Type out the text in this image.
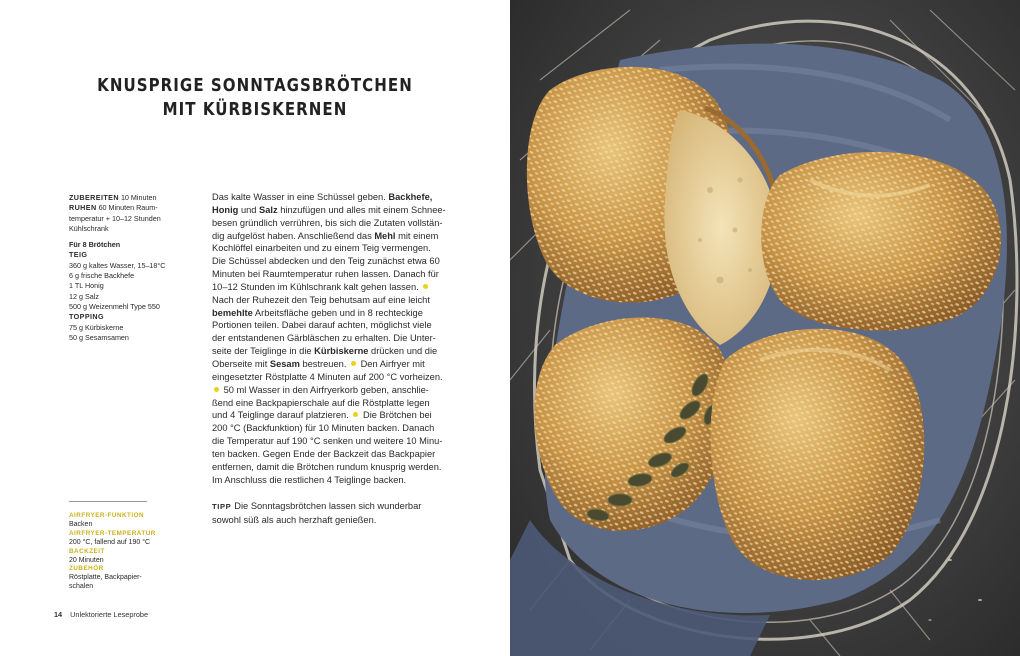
KNUSPRIGE SONNTAGSBRÖTCHEN
MIT KÜRBISKERNEN
ZUBEREITEN 10 Minuten
RUHEN 60 Minuten Raum-
temperatur + 10–12 Stunden
Kühlschrank
Für 8 Brötchen
TEIG
360 g kaltes Wasser, 15–18°C
6 g frische Backhefe
1 TL Honig
12 g Salz
500 g Weizenmehl Type 550
TOPPING
75 g Kürbiskerne
50 g Sesamsamen
Das kalte Wasser in eine Schüssel geben. Backhefe,
Honig und Salz hinzufügen und alles mit einem Schnee-
besen gründlich verrühren, bis sich die Zutaten vollstän-
dig aufgelöst haben. Anschließend das Mehl mit einem
Kochlöffel einarbeiten und zu einem Teig vermengen.
Die Schüssel abdecken und den Teig zunächst etwa 60
Minuten bei Raumtemperatur ruhen lassen. Danach für
10–12 Stunden im Kühlschrank kalt gehen lassen.
Nach der Ruhezeit den Teig behutsam auf eine leicht
bemehlte Arbeitsfläche geben und in 8 rechteckige
Portionen teilen. Dabei darauf achten, möglichst viele
der entstandenen Gärbläschen zu erhalten. Die Unter-
seite der Teiglinge in die Kürbiskerne drücken und die
Oberseite mit Sesam bestreuen. Den Airfryer mit
eingesetzter Röstplatte 4 Minuten auf 200 °C vorheizen.
50 ml Wasser in den Airfryerkorb geben, anschlie-
ßend eine Backpapierschale auf die Röstplatte legen
und 4 Teiglinge darauf platzieren. Die Brötchen bei
200 °C (Backfunktion) für 10 Minuten backen. Danach
die Temperatur auf 190 °C senken und weitere 10 Minu-
ten backen. Gegen Ende der Backzeit das Backpapier
entfernen, damit die Brötchen rundum knusprig werden.
Im Anschluss die restlichen 4 Teiglinge backen.
TIPP Die Sonntagsbrötchen lassen sich wunderbar
sowohl süß als auch herzhaft genießen.
AIRFRYER-FUNKTION
Backen
AIRFRYER-TEMPERATUR
200 °C, fallend auf 190 °C
BACKZEIT
20 Minuten
ZUBEHÖR
Röstplatte, Backpapier-
schalen
14 Unlektorierte Leseprobe
